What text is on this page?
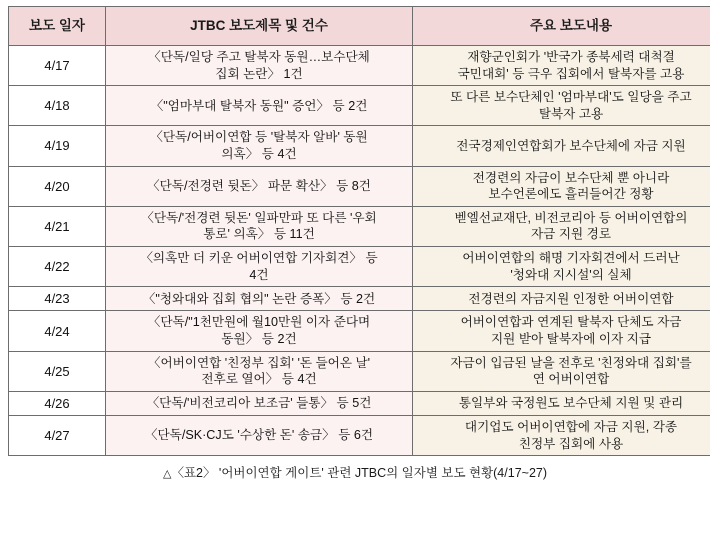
보도 일자	JTBC 보도제목 및 건수	주요 보도내용
4/17	〈단독/일당 주고 탈북자 동원…보수단체
집회 논란〉 1건	재향군인회가 '반국가 종북세력 대척결
국민대회' 등 극우 집회에서 탈북자를 고용

4/18	〈"엄마부대 탈북자 동원" 증언〉 등 2건	또 다른 보수단체인 '엄마부대'도 일당을 주고
탈북자 고용

4/19	〈단독/어버이연합 등 '탈북자 알바' 동원
의혹〉 등 4건	전국경제인연합회가 보수단체에 자금 지원

4/20	〈단독/전경련 뒷돈〉 파문 확산〉 등 8건	전경련의 자금이 보수단체 뿐 아니라
보수언론에도 흘러들어간 정황

4/21	〈단독/'전경련 뒷돈' 일파만파 또 다른 '우회
통로' 의혹〉 등 11건	벧엘선교재단, 비전코리아 등 어버이연합의
자금 지원 경로

4/22	〈의혹만 더 키운 어버이연합 기자회견〉 등
4건	어버이연합의 해명 기자회견에서 드러난
'청와대 지시설'의 실체

4/23	〈"청와대와 집회 협의" 논란 증폭〉 등 2건	전경련의 자금지원 인정한 어버이연합

4/24	〈단독/"1천만원에 월10만원 이자 준다며
동원〉 등 2건	어버이연합과 연계된 탈북자 단체도 자금
지원 받아 탈북자에 이자 지급

4/25	〈어버이연합 '친정부 집회' '돈 들어온 날'
전후로 열어〉 등 4건	자금이 입금된 날을 전후로 '친정와대 집회'를
연 어버이연합

4/26	〈단독/'비전코리아 보조금' 들통〉 등 5건	통일부와 국정원도 보수단체 지원 및 관리

4/27	〈단독/SK·CJ도 '수상한 돈' 송금〉 등 6건	대기업도 어버이연합에 자금 지원, 각종
친정부 집회에 사용
△〈표2〉 '어버이연합 게이트' 관련 JTBC의 일자별 보도 현황(4/17~27)
